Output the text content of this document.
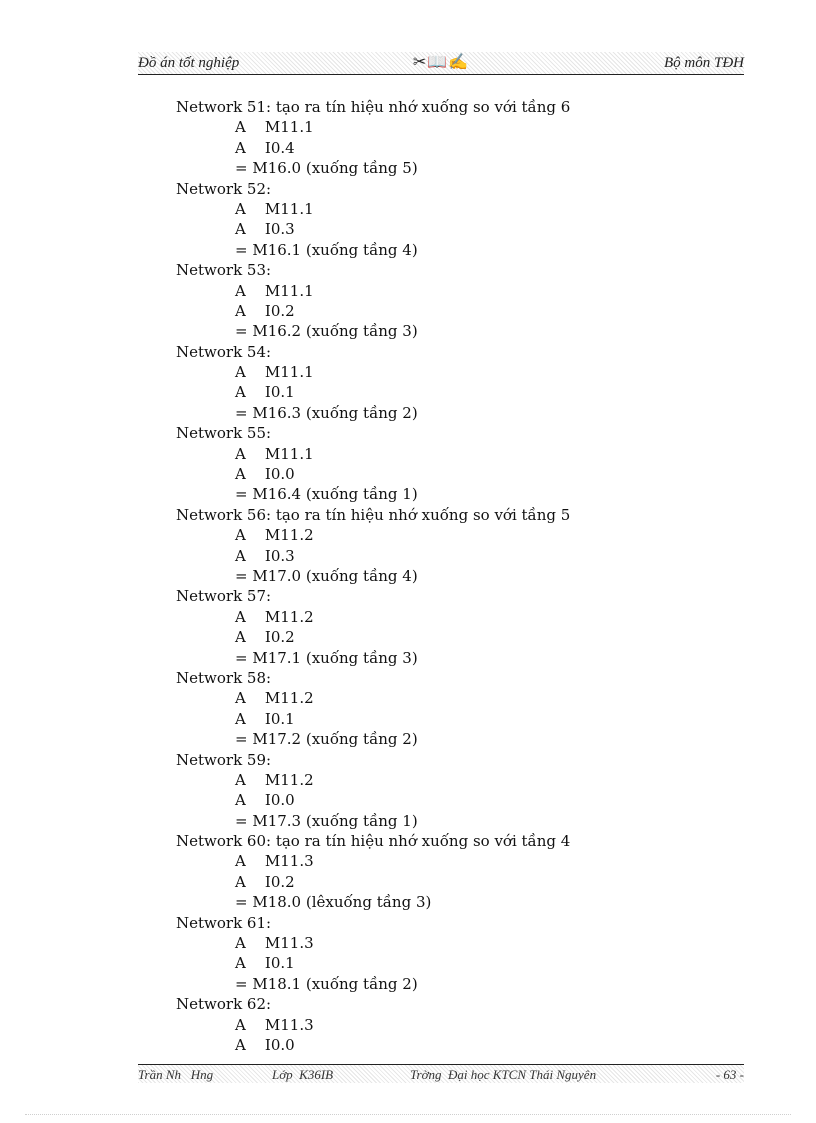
Đồ án tốt nghiệp	✂📖✍	Bộ môn TĐH
Network 51: tạo ra tín hiệu nhớ xuống so với tầng 6
A    M11.1
A    I0.4
= M16.0 (xuống tầng 5)
Network 52:
A    M11.1
A    I0.3
= M16.1 (xuống tầng 4)
Network 53:
A    M11.1
A    I0.2
= M16.2 (xuống tầng 3)
Network 54:
A    M11.1
A    I0.1
= M16.3 (xuống tầng 2)
Network 55:
A    M11.1
A    I0.0
= M16.4 (xuống tầng 1)
Network 56: tạo ra tín hiệu nhớ xuống so với tầng 5
A    M11.2
A    I0.3
= M17.0 (xuống tầng 4)
Network 57:
A    M11.2
A    I0.2
= M17.1 (xuống tầng 3)
Network 58:
A    M11.2
A    I0.1
= M17.2 (xuống tầng 2)
Network 59:
A    M11.2
A    I0.0
= M17.3 (xuống tầng 1)
Network 60: tạo ra tín hiệu nhớ xuống so với tầng 4
A    M11.3
A    I0.2
= M18.0 (lêxuống tầng 3)
Network 61:
A    M11.3
A    I0.1
= M18.1 (xuống tầng 2)
Network 62:
A    M11.3
A    I0.0
Trần Nh   Hng	Lớp  K36IB	Trờng  Đại học KTCN Thái Nguyên	- 63 -
